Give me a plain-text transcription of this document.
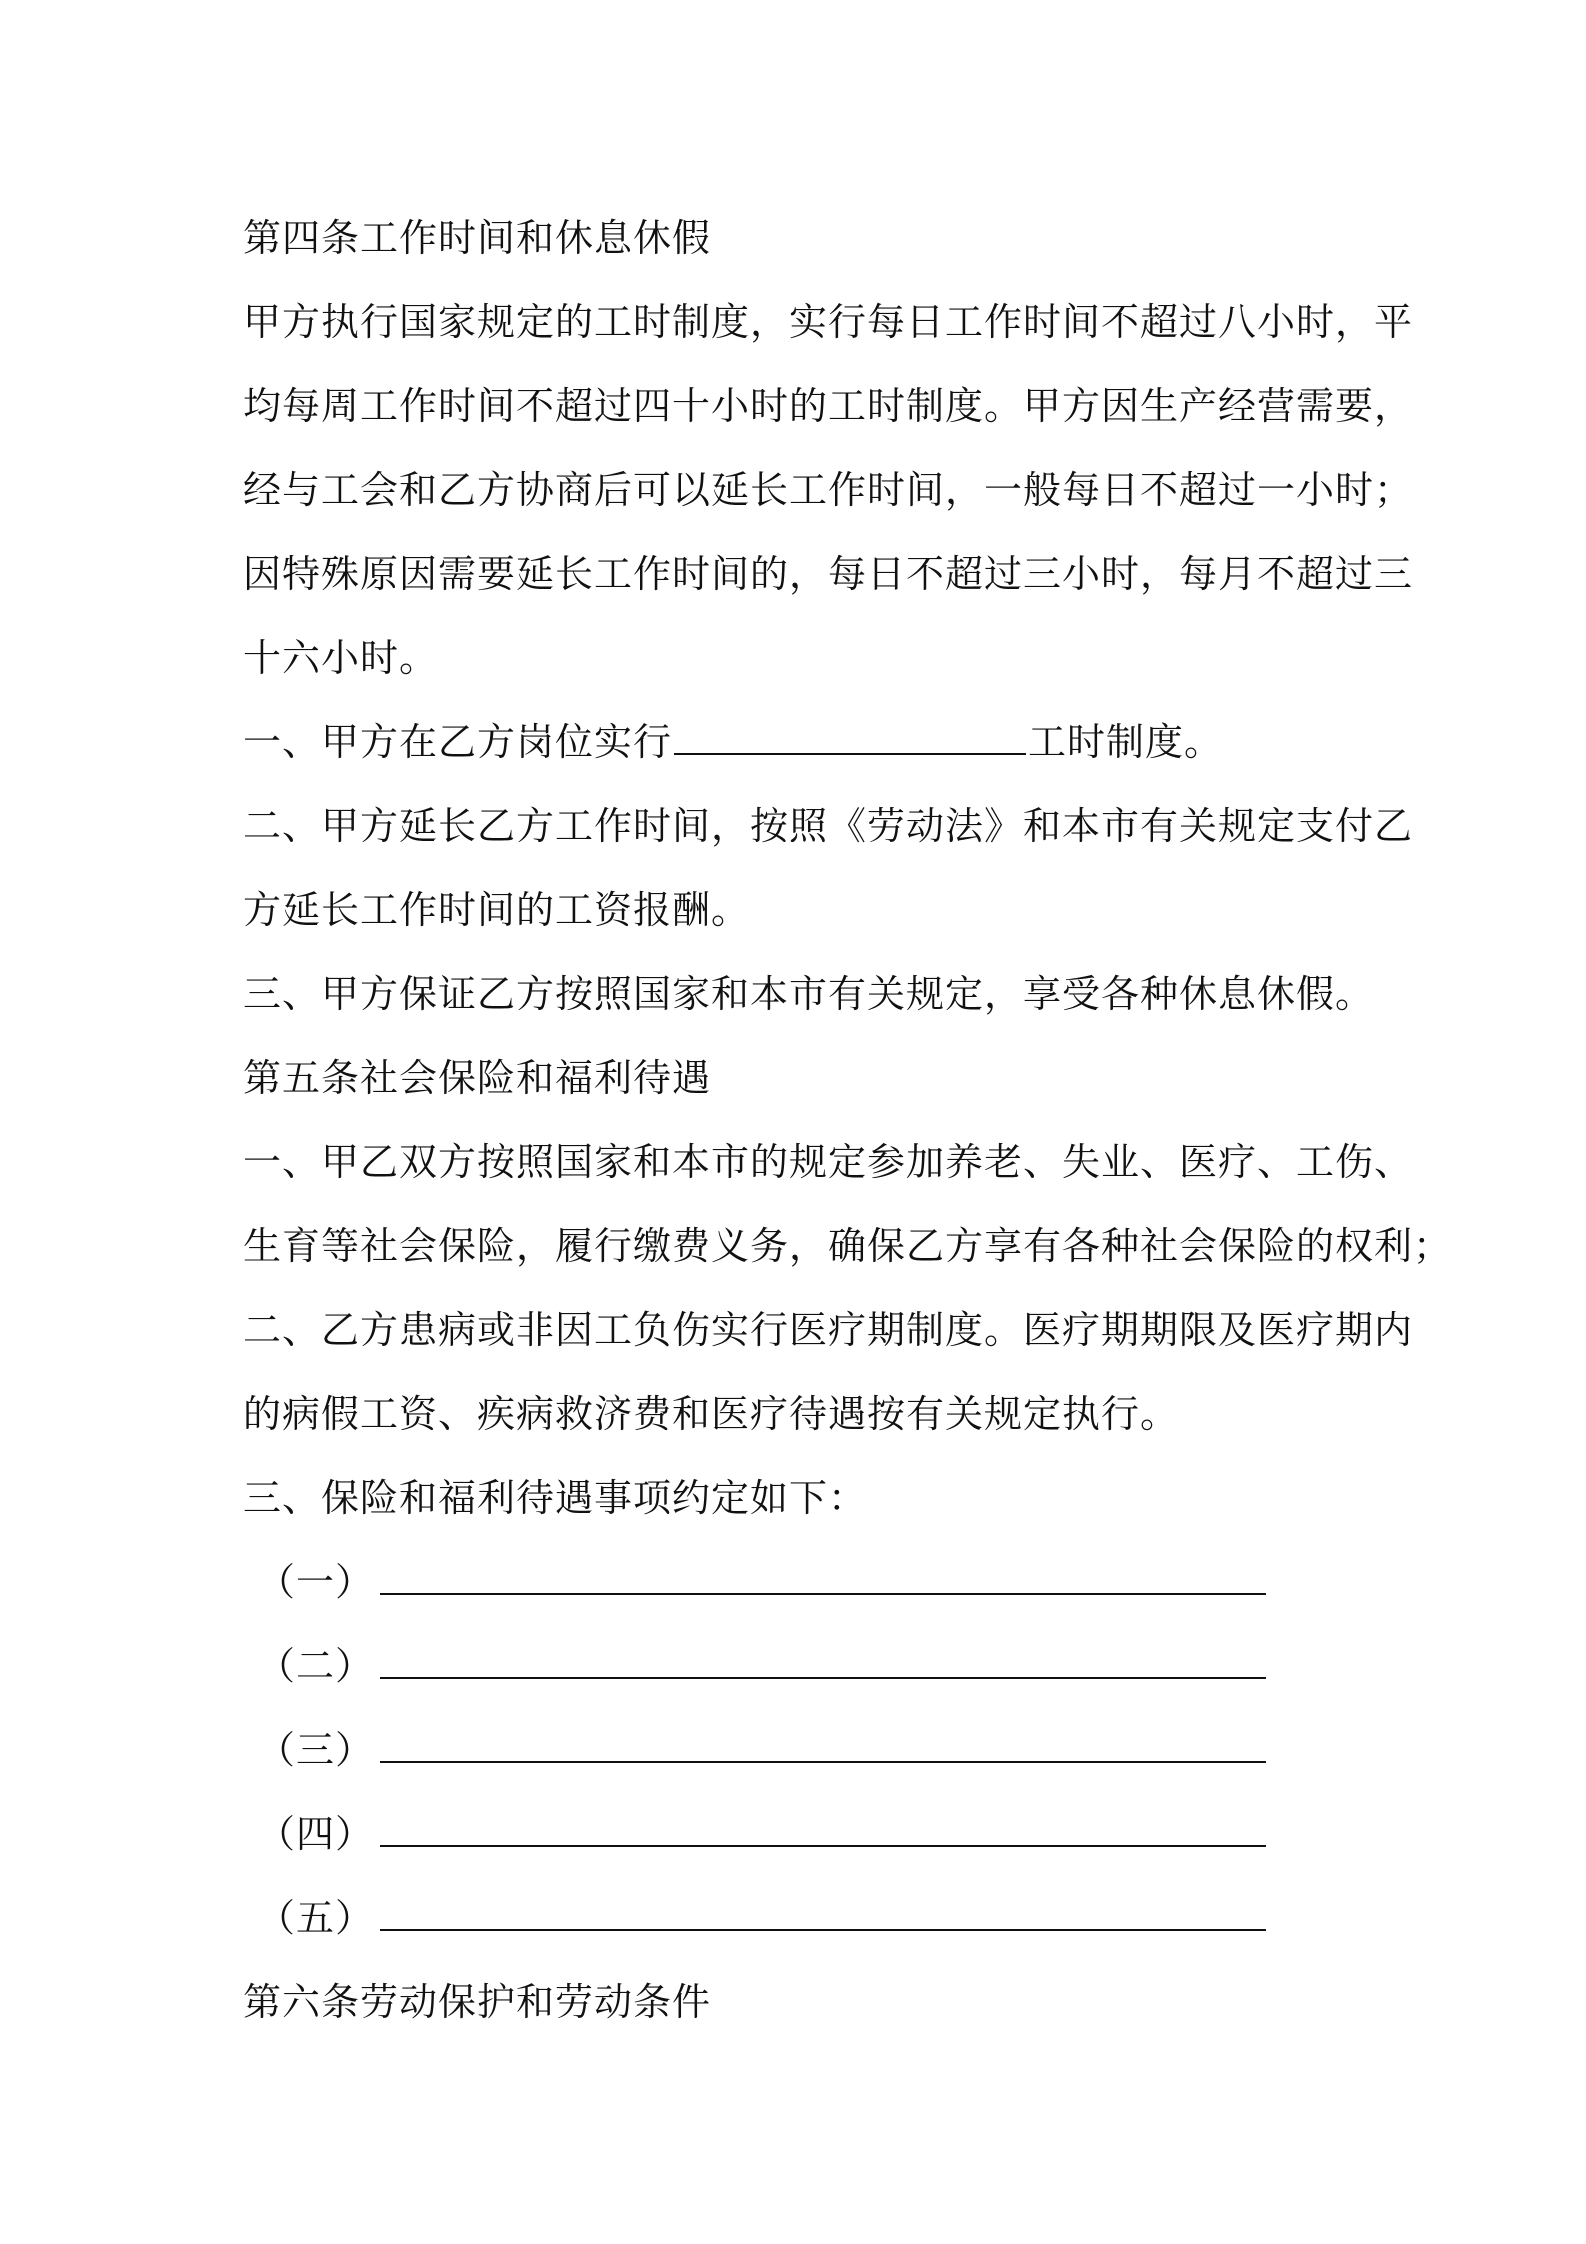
第四条工作时间和休息休假
甲方执行国家规定的工时制度，实行每日工作时间不超过八小时，平
均每周工作时间不超过四十小时的工时制度。甲方因生产经营需要，
经与工会和乙方协商后可以延长工作时间，一般每日不超过一小时；
因特殊原因需要延长工作时间的，每日不超过三小时，每月不超过三
十六小时。
一、甲方在乙方岗位实行	工时制度。
二、甲方延长乙方工作时间，按照《劳动法》和本市有关规定支付乙
方延长工作时间的工资报酬。
三、甲方保证乙方按照国家和本市有关规定，享受各种休息休假。
第五条社会保险和福利待遇
一、甲乙双方按照国家和本市的规定参加养老、失业、医疗、工伤、
生育等社会保险，履行缴费义务，确保乙方享有各种社会保险的权利；
二、乙方患病或非因工负伤实行医疗期制度。医疗期期限及医疗期内
的病假工资、疾病救济费和医疗待遇按有关规定执行。
三、保险和福利待遇事项约定如下：
（一）
（二）
（三）
（四）
（五）
第六条劳动保护和劳动条件
